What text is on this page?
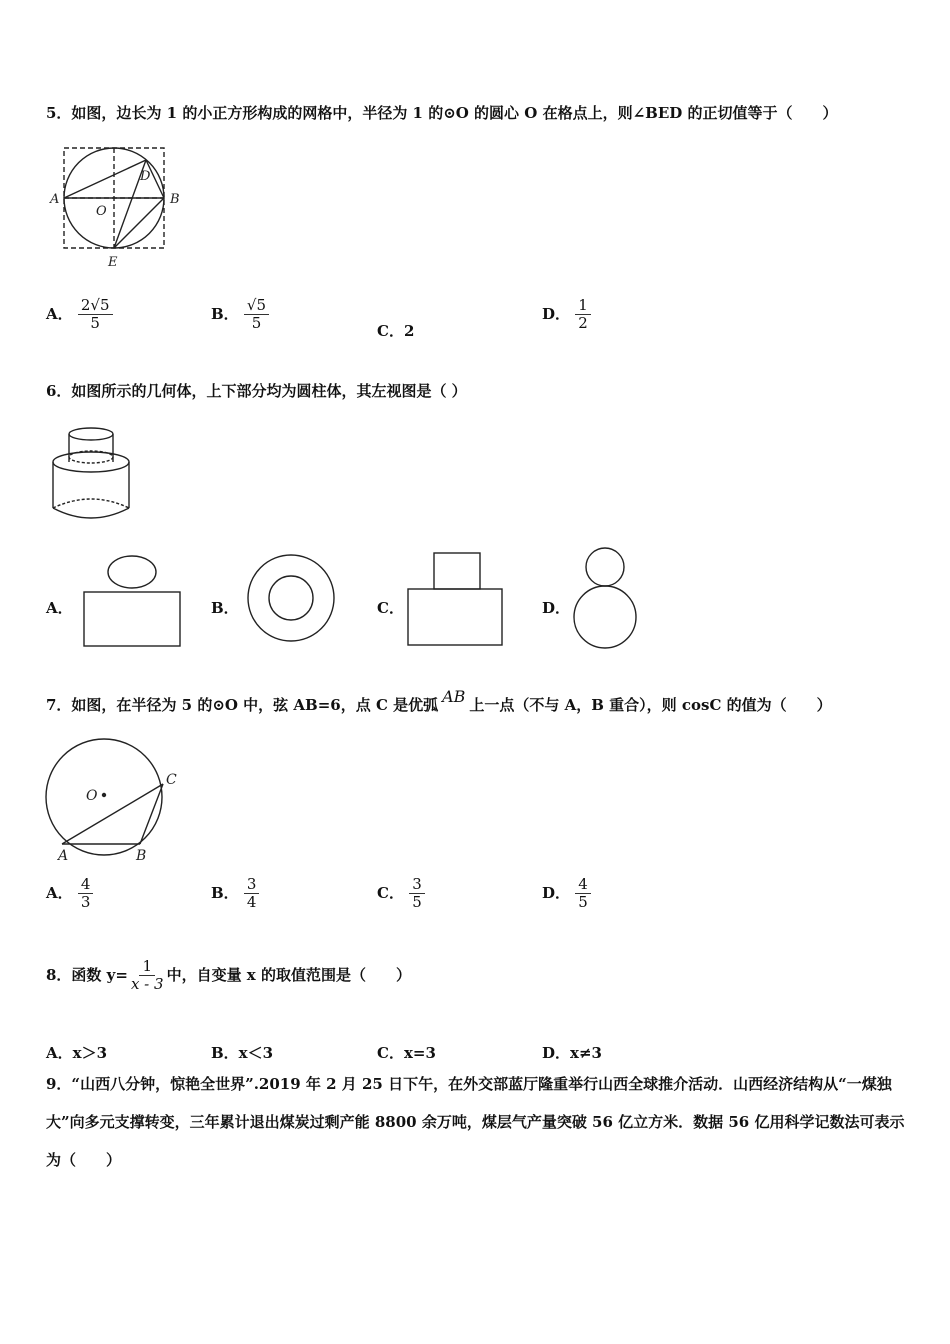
5．如图，边长为 1 的小正方形构成的网格中，半径为 1 的⊙O 的圆心 O 在格点上，则∠BED 的正切值等于（　　）
A	B
O
D
E
A． $\frac{2√5}{5}$	B． $\frac{√5}{5}$	C．2
D． $\frac{1}{2}$
6．如图所示的几何体，上下部分均为圆柱体，其左视图是（ ）
A．	B．	C．	D．
7．如图，在半径为 5 的⊙O 中，弦 AB=6，点 C 是优弧 AB 上一点（不与 A，B 重合），则 cosC 的值为（　　）
O
A	B
C
A． $\frac{4}{3}$	B． $\frac{3}{4}$	C． $\frac{3}{5}$	D． $\frac{4}{5}$
8．函数 $y= \frac{1}{x - 3}$ 中，自变量 x 的取值范围是（　　）
A．x＞3	B．x＜3	C．x=3	D．x≠3
9．“山西八分钟，惊艳全世界”.2019 年 2 月 25 日下午，在外交部蓝厅隆重举行山西全球推介活动．山西经济结构从“一煤独大”向多元支撑转变，三年累计退出煤炭过剩产能 8800 余万吨，煤层气产量突破 56 亿立方米．数据 56 亿用科学记数法可表示为（　　）
